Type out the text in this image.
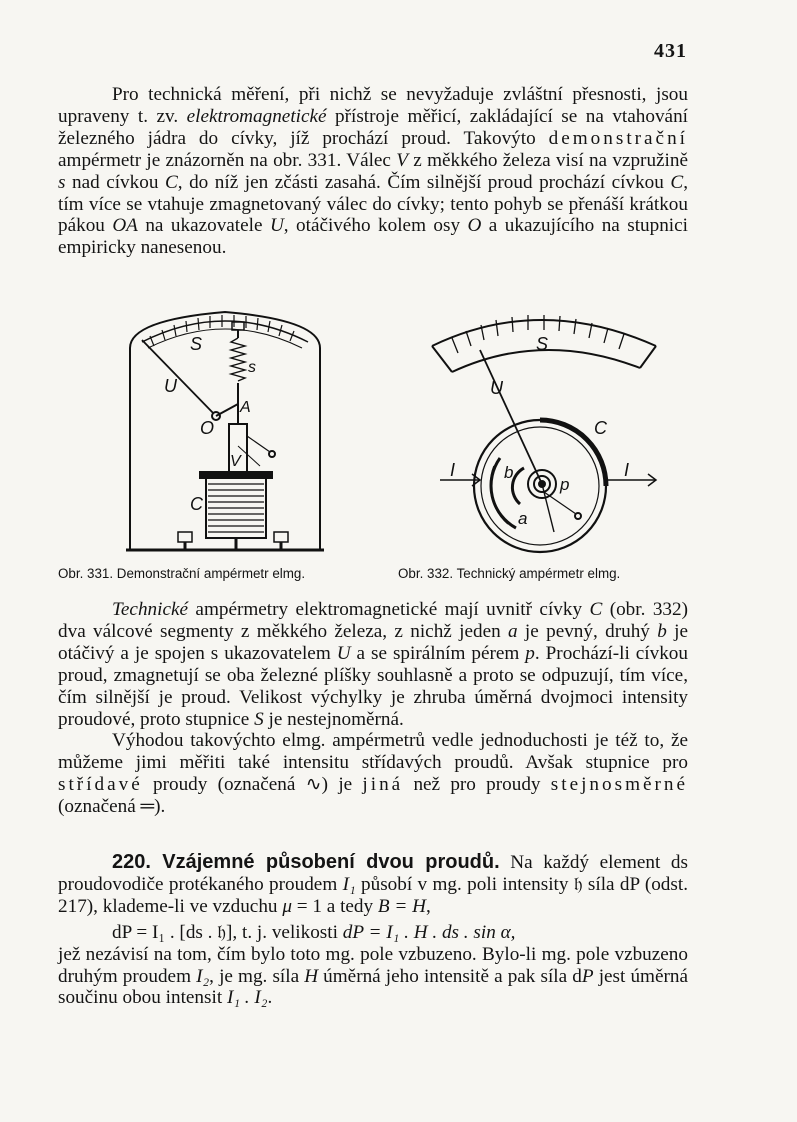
431

Pro technická měření, při nichž se nevyžaduje zvláštní přesnosti, jsou upraveny t. zv. elektromagnetické přístroje měřicí, zakládající se na vtahování železného jádra do cívky, jíž prochází proud. Takovýto demonstrační ampérmetr je znázorněn na obr. 331. Válec V z měkkého železa visí na vzpružině s nad cívkou C, do níž jen zčásti zasahá. Čím silnější proud prochází cívkou C, tím více se vtahuje zmagnetovaný válec do cívky; tento pohyb se přenáší krátkou pákou OA na ukazovatele U, otáčivého kolem osy O a ukazujícího na stupnici empiricky nanesenou.

S
s
U
A
O
V
C
S
U
C
I	I
b
p
a
Obr. 331. Demonstrační ampérmetr elmg.	Obr. 332. Technický ampérmetr elmg.

Technické ampérmetry elektromagnetické mají uvnitř cívky C (obr. 332) dva válcové segmenty z měkkého železa, z nichž jeden a je pevný, druhý b je otáčivý a je spojen s ukazovatelem U a se spirálním pérem p. Prochází-li cívkou proud, zmagnetují se oba železné plíšky souhlasně a proto se odpuzují, tím více, čím silnější je proud. Velikost výchylky je zhruba úměrná dvojmoci intensity proudové, proto stupnice S je nestejnoměrná.

Výhodou takovýchto elmg. ampérmetrů vedle jednoduchosti je též to, že můžeme jimi měřiti také intensitu střídavých proudů. Avšak stupnice pro střídavé proudy (označená ∿) je jiná než pro proudy stejnosměrné (označená ═).

220. Vzájemné působení dvou proudů. Na každý element ds proudovodiče protékaného proudem I₁ působí v mg. poli intensity 𝔥 síla dP (odst. 217), klademe-li ve vzduchu μ = 1 a tedy B = H,

dP = I₁ . [ds . 𝔥], t. j. velikosti dP = I₁ . H . ds . sin α,

jež nezávisí na tom, čím bylo toto mg. pole vzbuzeno. Bylo-li mg. pole vzbuzeno druhým proudem I₂, je mg. síla H úměrná jeho intensitě a pak síla dP jest úměrná součinu obou intensit I₁ . I₂.
